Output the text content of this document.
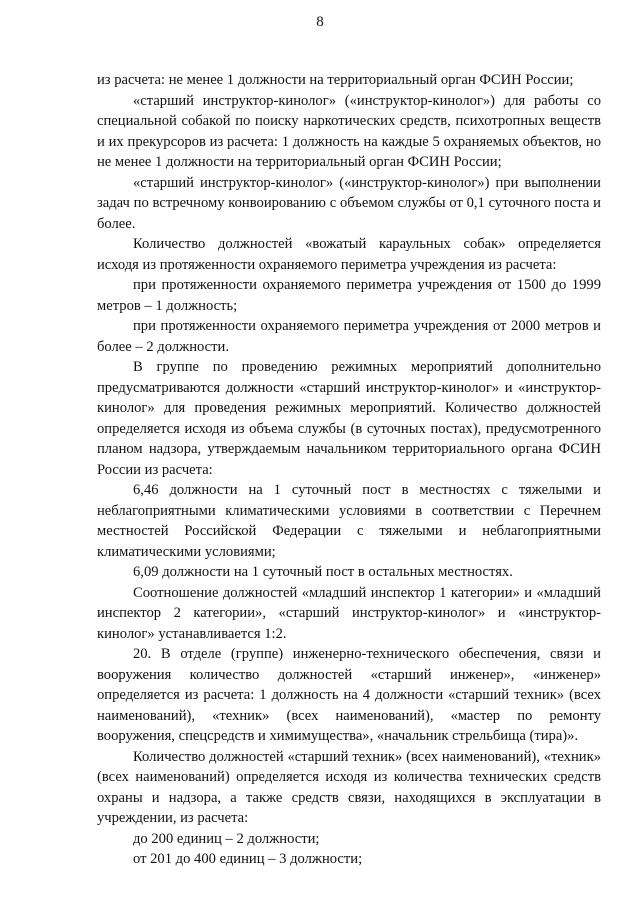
8

из расчета: не менее 1 должности на территориальный орган ФСИН России;

«старший инструктор-кинолог» («инструктор-кинолог») для работы со специальной собакой по поиску наркотических средств, психотропных веществ и их прекурсоров из расчета: 1 должность на каждые 5 охраняемых объектов, но не менее 1 должности на территориальный орган ФСИН России;

«старший инструктор-кинолог» («инструктор-кинолог») при выполнении задач по встречному конвоированию с объемом службы от 0,1 суточного поста и более.

Количество должностей «вожатый караульных собак» определяется исходя из протяженности охраняемого периметра учреждения из расчета:

при протяженности охраняемого периметра учреждения от 1500 до 1999 метров – 1 должность;

при протяженности охраняемого периметра учреждения от 2000 метров и более – 2 должности.

В группе по проведению режимных мероприятий дополнительно предусматриваются должности «старший инструктор-кинолог» и «инструктор-кинолог» для проведения режимных мероприятий. Количество должностей определяется исходя из объема службы (в суточных постах), предусмотренного планом надзора, утверждаемым начальником территориального органа ФСИН России из расчета:

6,46 должности на 1 суточный пост в местностях с тяжелыми и неблагоприятными климатическими условиями в соответствии с Перечнем местностей Российской Федерации с тяжелыми и неблагоприятными климатическими условиями;

6,09 должности на 1 суточный пост в остальных местностях.

Соотношение должностей «младший инспектор 1 категории» и «младший инспектор 2 категории», «старший инструктор-кинолог» и «инструктор-кинолог» устанавливается 1:2.

20. В отделе (группе) инженерно-технического обеспечения, связи и вооружения количество должностей «старший инженер», «инженер» определяется из расчета: 1 должность на 4 должности «старший техник» (всех наименований), «техник» (всех наименований), «мастер по ремонту вооружения, спецсредств и химимущества», «начальник стрельбища (тира)».

Количество должностей «старший техник» (всех наименований), «техник» (всех наименований) определяется исходя из количества технических средств охраны и надзора, а также средств связи, находящихся в эксплуатации в учреждении, из расчета:

до 200 единиц – 2 должности;

от 201 до 400 единиц – 3 должности;
